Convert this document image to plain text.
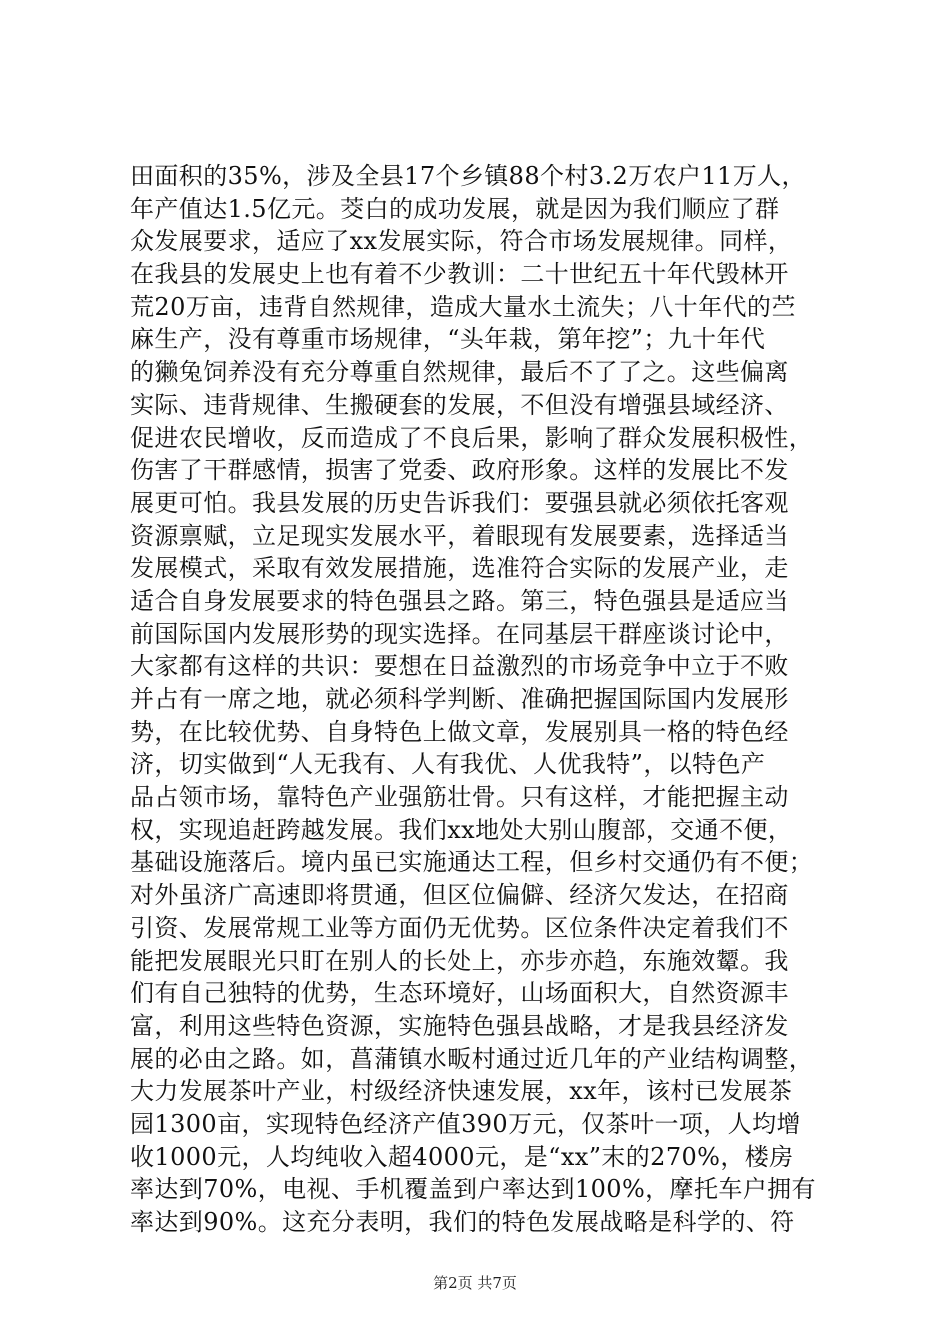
田面积的35%，涉及全县17个乡镇88个村3.2万农户11万人，
年产值达1.5亿元。茭白的成功发展，就是因为我们顺应了群
众发展要求，适应了xx发展实际，符合市场发展规律。同样，
在我县的发展史上也有着不少教训：二十世纪五十年代毁林开
荒20万亩，违背自然规律，造成大量水土流失；八十年代的苎
麻生产，没有尊重市场规律，“头年栽，第年挖”；九十年代
的獭兔饲养没有充分尊重自然规律，最后不了了之。这些偏离
实际、违背规律、生搬硬套的发展，不但没有增强县域经济、
促进农民增收，反而造成了不良后果，影响了群众发展积极性，
伤害了干群感情，损害了党委、政府形象。这样的发展比不发
展更可怕。我县发展的历史告诉我们：要强县就必须依托客观
资源禀赋，立足现实发展水平，着眼现有发展要素，选择适当
发展模式，采取有效发展措施，选准符合实际的发展产业，走
适合自身发展要求的特色强县之路。第三，特色强县是适应当
前国际国内发展形势的现实选择。在同基层干群座谈讨论中，
大家都有这样的共识：要想在日益激烈的市场竞争中立于不败
并占有一席之地，就必须科学判断、准确把握国际国内发展形
势，在比较优势、自身特色上做文章，发展别具一格的特色经
济，切实做到“人无我有、人有我优、人优我特”，以特色产
品占领市场，靠特色产业强筋壮骨。只有这样，才能把握主动
权，实现追赶跨越发展。我们xx地处大别山腹部，交通不便，
基础设施落后。境内虽已实施通达工程，但乡村交通仍有不便；
对外虽济广高速即将贯通，但区位偏僻、经济欠发达，在招商
引资、发展常规工业等方面仍无优势。区位条件决定着我们不
能把发展眼光只盯在别人的长处上，亦步亦趋，东施效颦。我
们有自己独特的优势，生态环境好，山场面积大，自然资源丰
富，利用这些特色资源，实施特色强县战略，才是我县经济发
展的必由之路。如，菖蒲镇水畈村通过近几年的产业结构调整，
大力发展茶叶产业，村级经济快速发展，xx年，该村已发展茶
园1300亩，实现特色经济产值390万元，仅茶叶一项，人均增
收1000元，人均纯收入超4000元，是“xx”末的270%，楼房
率达到70%，电视、手机覆盖到户率达到100%，摩托车户拥有
率达到90%。这充分表明，我们的特色发展战略是科学的、符
第2页 共7页
